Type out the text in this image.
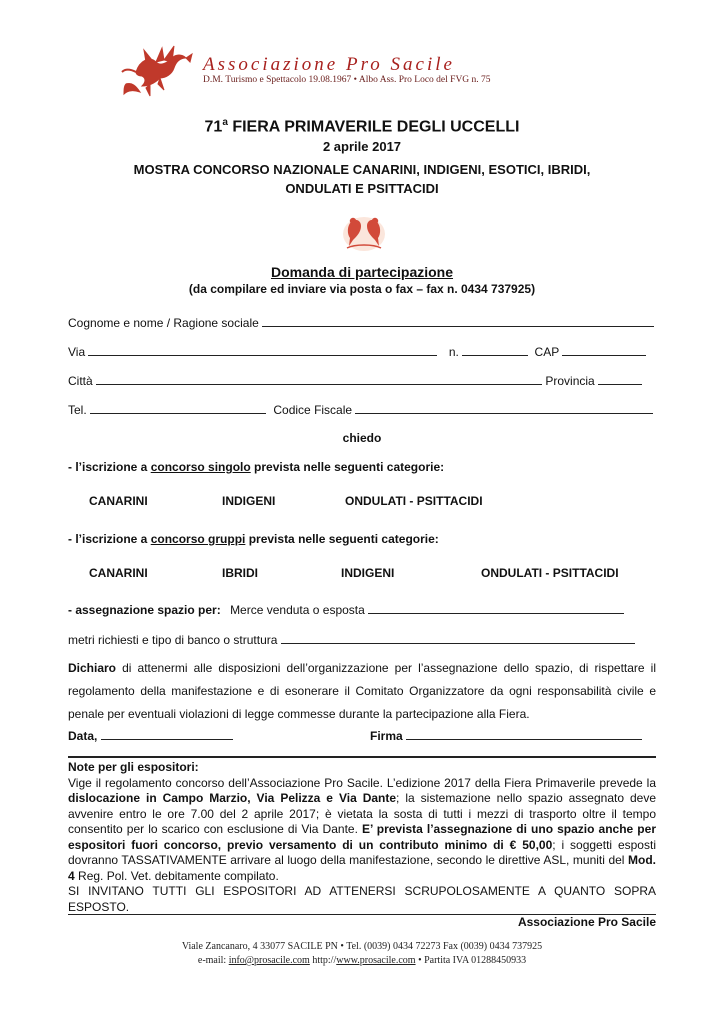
Associazione Pro Sacile
D.M. Turismo e Spettacolo 19.08.1967 • Albo Ass. Pro Loco del FVG n. 75
71$^a$ FIERA PRIMAVERILE DEGLI UCCELLI
2 aprile 2017
MOSTRA CONCORSO NAZIONALE CANARINI, INDIGENI, ESOTICI, IBRIDI,
ONDULATI E PSITTACIDI
Domanda di partecipazione
(da compilare ed inviare via posta o fax – fax n. 0434 737925)
Cognome e nome / Ragione sociale
Via	n.	CAP
Città	Provincia
Tel.	Codice Fiscale
chiedo
- l’iscrizione a concorso singolo prevista nelle seguenti categorie:
CANARINI	INDIGENI	ONDULATI - PSITTACIDI
- l’iscrizione a concorso gruppi prevista nelle seguenti categorie:
CANARINI	IBRIDI	INDIGENI	ONDULATI - PSITTACIDI
- assegnazione spazio per: Merce venduta o esposta
metri richiesti e tipo di banco o struttura
Dichiaro di attenermi alle disposizioni dell’organizzazione per l’assegnazione dello spazio, di rispettare il regolamento della manifestazione e di esonerare il Comitato Organizzatore da ogni responsabilità civile e penale per eventuali violazioni di legge commesse durante la partecipazione alla Fiera.
Data,	Firma
Note per gli espositori:
Vige il regolamento concorso dell’Associazione Pro Sacile. L’edizione 2017 della Fiera Primaverile prevede la dislocazione in Campo Marzio, Via Pelizza e Via Dante; la sistemazione nello spazio assegnato deve avvenire entro le ore 7.00 del 2 aprile 2017; è vietata la sosta di tutti i mezzi di trasporto oltre il tempo consentito per lo scarico con esclusione di Via Dante. E’ prevista l’assegnazione di uno spazio anche per espositori fuori concorso, previo versamento di un contributo minimo di € 50,00; i soggetti esposti dovranno TASSATIVAMENTE arrivare al luogo della manifestazione, secondo le direttive ASL, muniti del Mod. 4 Reg. Pol. Vet. debitamente compilato.
SI INVITANO TUTTI GLI ESPOSITORI AD ATTENERSI SCRUPOLOSAMENTE A QUANTO SOPRA ESPOSTO.
Associazione Pro Sacile
Viale Zancanaro, 4 33077 SACILE PN • Tel. (0039) 0434 72273 Fax (0039) 0434 737925
e-mail: info@prosacile.com http://www.prosacile.com • Partita IVA 01288450933
